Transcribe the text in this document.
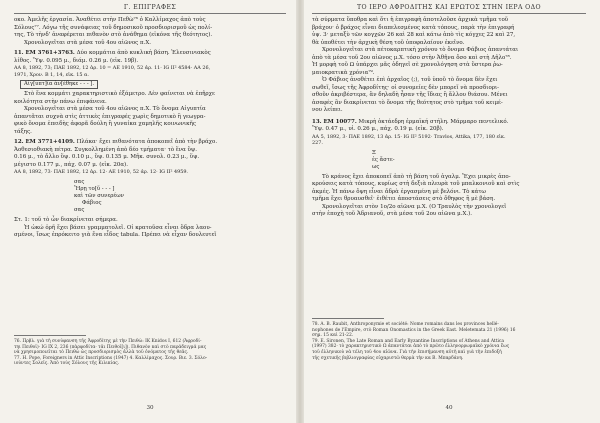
Γ. ΕΠΙΓΡΑΦΕΣ

οκο. Ἀμελῆς ἐργασία. Ἀναθέτει στὴν Πεθὼ⁷⁶ ὁ Καλλίμαχος ἀπὸ τοὺς

Σόλους⁷⁷. Λόγω τῆς συνάφειας τοῦ δημοσικοῦ προσδιορισμοῦ ὡς πολί-

της, Τὸ τὴνδ’ ἀναφέρεται πιθανὸν στὸ ἀνάθημα (εἰκόνα τῆς θεότητος).

Χρονολογεῖται στὰ μέσα τοῦ 4ου αἰῶνος π.Χ.

11. EM 3761+3763. Δύο κομμάτια ἀπὸ κυκλικὴ βάση. Ἐλευσινιακὸς

λίθος. Ὕψ. 0.095 μ., διάμ. 0.26 μ. (εἰκ. 19β).

AA 8, 1892, 73; ΠΑΕ 1892, 12 ἀρ. 10 = AE 1910, 52 ἀρ. 11· IG II² 4584· AA 26,

1971, Χρον. B 1, 14, εἰκ. 15 α.

Αἰγ[υπτ]ία ἀν[έθηκε - - - ].

Στὸ ἔνα κομμάτι χαρακτηριστικὸ ἐξάμετρο. Δὲν φαίνεται νὰ ἐπῆρχε

κοιλότητα στὴν πάνω ἐπιφάνεια.

Χρονολογεῖται στὰ μέσα τοῦ 4ου αἰῶνος π.Χ. Τὸ ὄνομα Αἰγυπτία

ἀπαντᾶται συχνὰ στὶς ἀττικὲς ἐπιγραφές χωρὶς δημοτικὸ ἢ γεωγρα-

φικὸ ὄνομα ἐπειδὴς ἀφορᾶ δούλη ἢ γυναίκα χαμηλῆς κοινωνικῆς

τάξης.

12. EM 3771+4109. Πλάκα· ἔχει πιθανότατα ἀποκοπεῖ ἀπὸ τὴν βράχο.

Ἀοθεσιοθιακὴ πέτρα. Συγκολλημένη ἀπὸ δέο τμήματα· τὸ ἕνα ὕψ.

0.16 μ., τὸ ἄλλο ὕψ. 0.10 μ., ὕψ. 0.135 μ. Μῆκ. συνολ. 0.23 μ., ὕψ.

μέγιστο 0.177 μ., πάχ. 0.07 μ. (εἰκ. 20α).

AA 8, 1892, 73· ΠΑΕ 1892, 12 ἀρ. 12· AE 1910, 52 ἀρ. 12· IG II² 4959.

σας
Ἥρῃ το[ῦ - - - ]
καὶ τῶν συνερέων
Φάβιος
σας

Στ. 1: τοῦ τὸ ὦν διακρίνεται σήμερα.

Ἡ ὠκώ ὀρῆ ἔχει βάσει γραμματολεῖ. Οἱ κρατοῦσα εἶναι ὅδρα λαου-

σμένοι, ἴσως ἐπρόκειτο γιὰ ἕνα εἶδος tabula. Πρέπει νὰ εἶχαν δουλευτεῖ

76. Πρβλ. γιὰ τὴ συνύφανση τῆς Ἀφροδίτης μὲ τὴν Πειθὼ: IK Knidos I, 612 (Ἀφροδί-

τηι Πειθοῖ)· IG IX 2, 236 (πὰρφοδίτα· τᾶι Πειθοῖ[ι]). Πιθανὸν καὶ στὸ παράδειγμά μας

νὰ χρησιμοποιεῖται τὸ Πειθὼ ὡς προσδιορισμὸς ἀλλὰ τοῦ ὀνόματος τῆς θεᾶς.

77. H. Pope, Foreigners in Attic Inscriptions (1947) 4. Καλλίμαχος. Σουρ. Βιε. 3. Σόλο-

ιούντες Σολεῖς. Ἀπὸ τοὺς Σόλους τῆς Κιλικίας.

30
ΤΟ ΙΕΡΟ ΑΦΡΟΔΙΤΗΣ ΚΑΙ ΕΡΩΤΟΣ ΣΤΗΝ ΙΕΡΑ ΟΔΟ

τὰ σύρματα ὕποθρα καὶ ὅτι ἡ ἐπιγραφὴ ἀποτελοῦσε ἀρχικὰ τμῆμα τοῦ

βράχου· ὁ βράχος εἶναι διαπελεσμένος κατὰ τόπους, παρὰ τὴν ἐπιγραφή

ὑψ. 3· μεταξὺ τῶν κογχῶν 26 καὶ 28 καὶ κάτω ἀπὸ τὶς κόγχες 22 καὶ 27,

θὰ ὑποθέτει τὴν ἀρχικὴ θέση τοῦ ὑποφαλαίουν ἐκεῖνο.

Χρονολογεῖται στὰ πέτοκαρπτικὴ χρόνου τὸ ὄνομα Φάβιος ἀπαντάται

ἀπὸ τὰ μέσα τοῦ 2ου αἰῶνος μ.Χ. τόσο στὴν Ἀθῆνα ὅσο καὶ στὴ Δῆλο⁷⁸.

Ἡ μορφὴ τοῦ Ω ὑπάρχει μᾶς ὁδηγεῖ σὲ χρονολόγηση στὰ ὕστερα ῥω-

μαιοκρατικὰ χρόνια⁷⁹.

Ὁ Φάβιος ἀνοθέτει ἐπὶ ἀρχαῖος (;), τοῦ ὑποῦ τὸ ὄνομα δὲν ἔχει

σωθεῖ, ἴσως τῆς Ἀφροδίτης· οἱ συνομείες δὲν μπορεῖ νὰ προσδιορι-

σθοῦν ἀκριβέστερα, ἂν δηλαδὴ ἦσαν τῆς ἴδιας ἢ ἄλλου θιάσου. Μένει

ἀσαφὲς ἂν διακρίνεται τὸ ὄνομα τῆς θεότητος στὸ τμῆμα τοῦ κειμέ-

νου λείπει.

13. EM 10077. Μικρὴ ὀκτάεδρη ἐρμαϊκή στήλη. Μάρμαρο πεντελικό.

Ὕψ. 0.47 μ., υἱ. 0.26 μ., πάχ. 0.19 μ. (εἰκ. 20β).

AA 5, 1892, 3· ΠΑΕ 1892, 13 ἀρ. 15· IG II² 5192· Travlos, Attika, 177, 180 εἰκ.

227.

Ξ
ἐς ἄστε-
ως

Τὸ κράνος ἔχει ἀποκοπεῖ ἀπὸ τὴ βάση τοῦ ἀγαλμ. Ἔχει μικρὲς ἀπο-

κρούσεις κατὰ τόπους, κυρίως στὴ δεξιὰ πλευρὰ τοῦ μπαλκονιοῦ καὶ στὶς

ἀκμές. Ἡ πάνω ὄψη εἶναι ἄδρὰ ἐργασμένη μὲ βελόνι. Τὸ κάτω

τμῆμα ἔχει θρυαυσθεῖ· ἐιθέτει ἀποστάσεις στὸ ὅθηφος ἢ μὲ βάση.

Χρονολογεῖται στὸν 1ο/2ο αἰῶνα μ.Χ. (Ο Τραυλὸς τὴν χρονολογεῖ

στὴν ἐποχὴ τοῦ Ἀδριανοῦ, στὰ μέσα τοῦ 2ου αἰῶνα μ.Χ.).

78. A. B. Raubit, Anthroponymie et société: Nome romains dans les provinces hellé-

nophones de l'Empire, στὸ Roman Onomastics in the Greek East. Meletemata 21 (1996) 16

σημ. 15 καὶ 21-22.

79. E. Sironen, The Late Roman and Early Byzantine Inscriptions of Athens and Attica

(1997) 382· τὸ χαρακτηριστικὸ Ω ἀπαντᾶται ἀπὸ τὸ πρῶτο ἑλληνορρωμαϊκὸ χρόνια ἕως

τοῦ ἑλληνικοὺ νὰ τέλη τοῦ 4ου αἰῶνα. Γιὰ τὴν ἐπισήμανση αὐτὴ καὶ γιὰ τὴν ἐπιδοξὴ

τῆς σχετικῆς βιβλιογραφίας εὐχαριστῶ θερμὰ τὴν κα Β. Μπαρδάνη.

40
